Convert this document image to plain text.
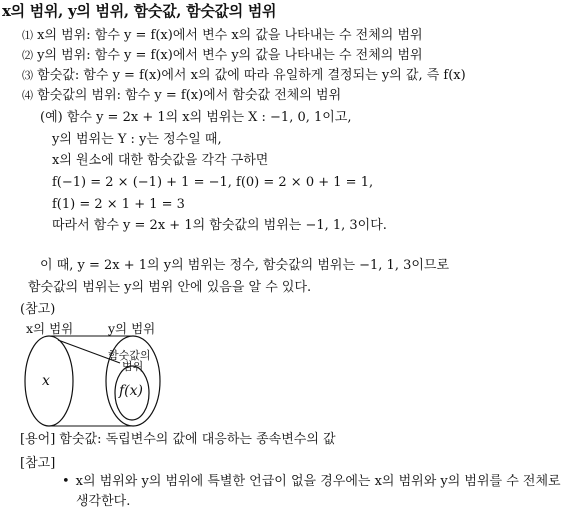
x의 범위, y의 범위, 함숫값, 함숫값의 범위
⑴ x의 범위: 함수 y = f(x)에서 변수 x의 값을 나타내는 수 전체의 범위
⑵ y의 범위: 함수 y = f(x)에서 변수 y의 값을 나타내는 수 전체의 범위
⑶ 함숫값: 함수 y = f(x)에서 x의 값에 따라 유일하게 결정되는 y의 값, 즉 f(x)
⑷ 함숫값의 범위: 함수 y = f(x)에서 함숫값 전체의 범위
(예) 함수 y = 2x + 1의 x의 범위는 X : −1, 0, 1이고,
y의 범위는 Y : y는 정수일 때,
x의 원소에 대한 함숫값을 각각 구하면
f(−1) = 2 × (−1) + 1 = −1, f(0) = 2 × 0 + 1 = 1,
f(1) = 2 × 1 + 1 = 3
따라서 함수 y = 2x + 1의 함숫값의 범위는 −1, 1, 3이다.
이 때, y = 2x + 1의 y의 범위는 정수, 함숫값의 범위는 −1, 1, 3이므로
함숫값의 범위는 y의 범위 안에 있음을 알 수 있다.
(참고)
x의 범위	y의 범위
x
함숫값의
범위
f(x)
[용어] 함숫값: 독립변수의 값에 대응하는 종속변수의 값
[참고]
• x의 범위와 y의 범위에 특별한 언급이 없을 경우에는 x의 범위와 y의 범위를 수 전체로
생각한다.
